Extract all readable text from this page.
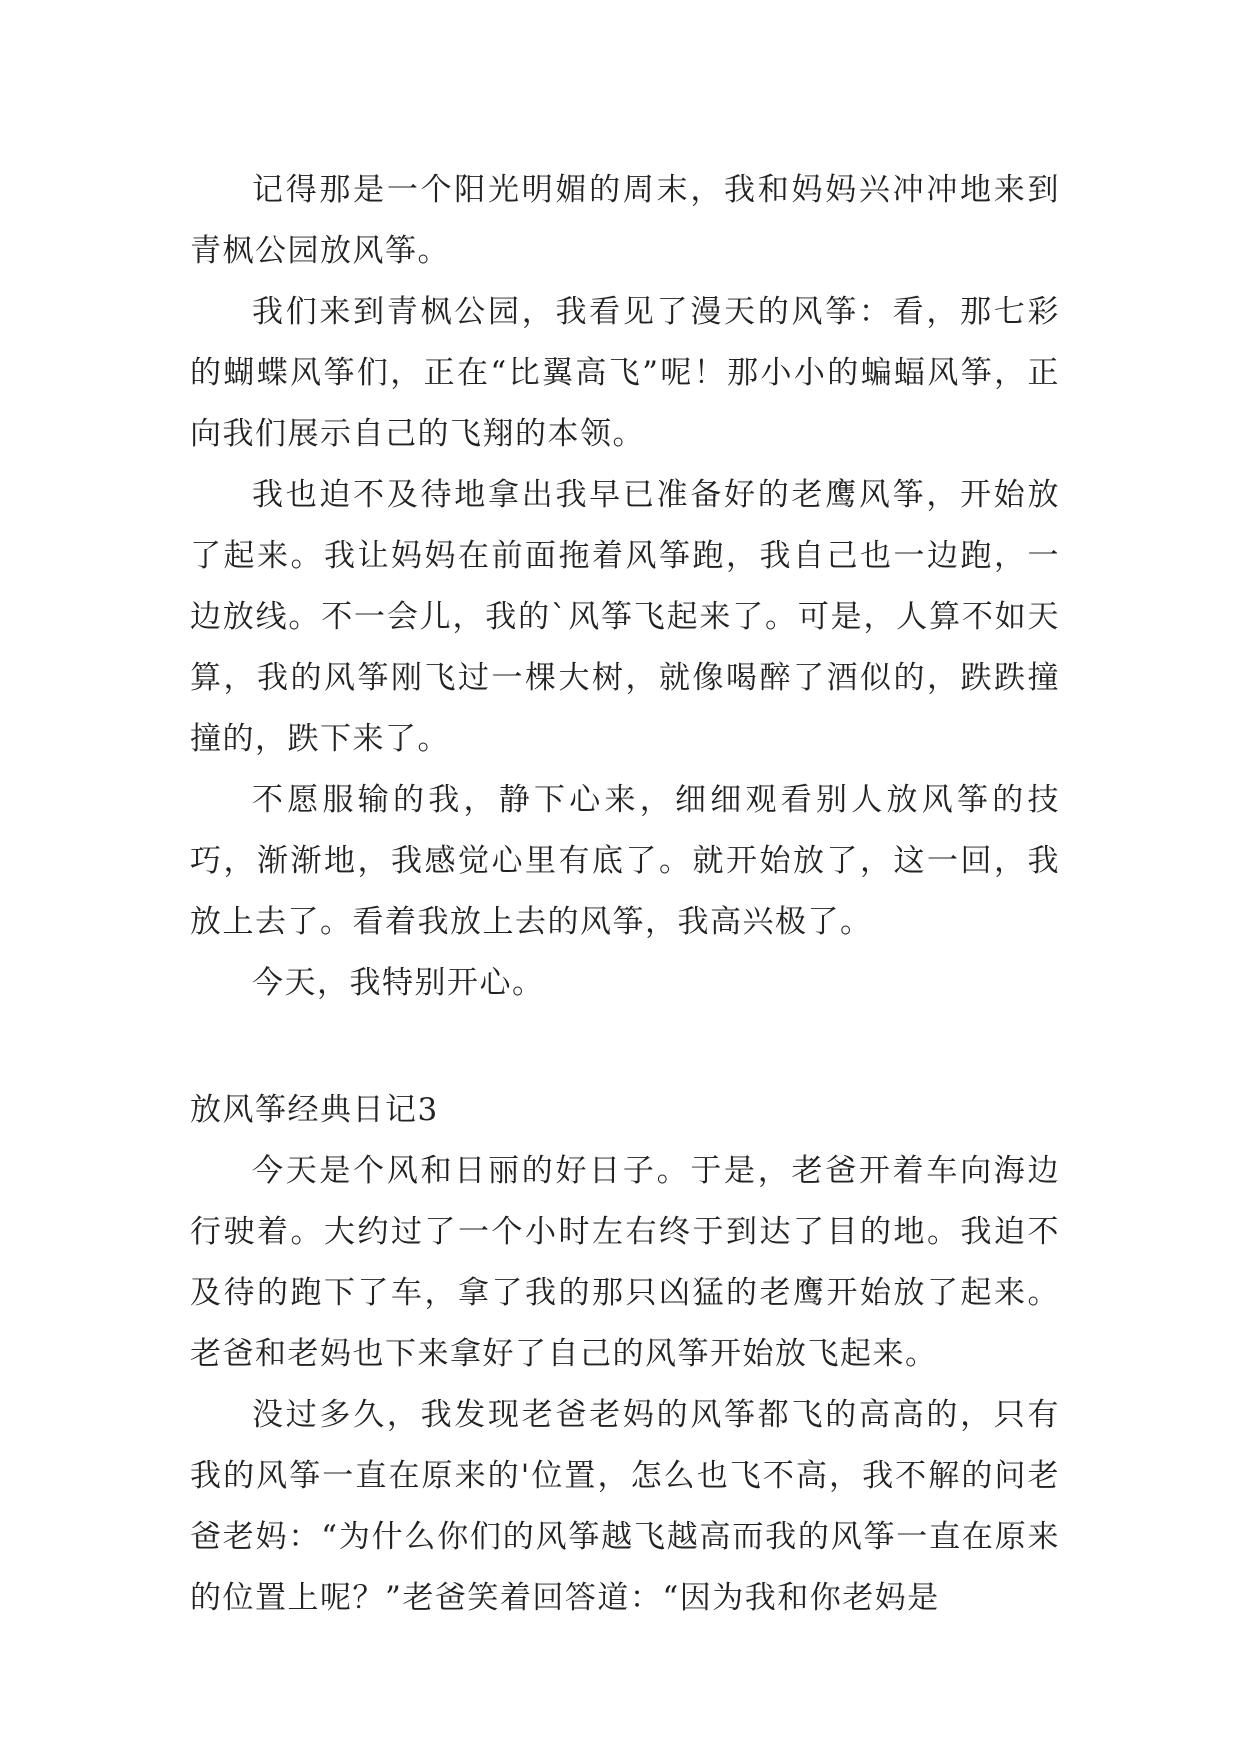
记得那是一个阳光明媚的周末，我和妈妈兴冲冲地来到青枫公园放风筝。

我们来到青枫公园，我看见了漫天的风筝：看，那七彩的蝴蝶风筝们，正在“比翼高飞”呢！那小小的蝙蝠风筝，正向我们展示自己的飞翔的本领。

我也迫不及待地拿出我早已准备好的老鹰风筝，开始放了起来。我让妈妈在前面拖着风筝跑，我自己也一边跑，一边放线。不一会儿，我的`风筝飞起来了。可是，人算不如天算，我的风筝刚飞过一棵大树，就像喝醉了酒似的，跌跌撞撞的，跌下来了。

不愿服输的我，静下心来，细细观看别人放风筝的技巧，渐渐地，我感觉心里有底了。就开始放了，这一回，我放上去了。看着我放上去的风筝，我高兴极了。

今天，我特别开心。

放风筝经典日记3

今天是个风和日丽的好日子。于是，老爸开着车向海边行驶着。大约过了一个小时左右终于到达了目的地。我迫不及待的跑下了车，拿了我的那只凶猛的老鹰开始放了起来。老爸和老妈也下来拿好了自己的风筝开始放飞起来。

没过多久，我发现老爸老妈的风筝都飞的高高的，只有我的风筝一直在原来的'位置，怎么也飞不高，我不解的问老爸老妈：“为什么你们的风筝越飞越高而我的风筝一直在原来的位置上呢？”老爸笑着回答道：“因为我和你老妈是
